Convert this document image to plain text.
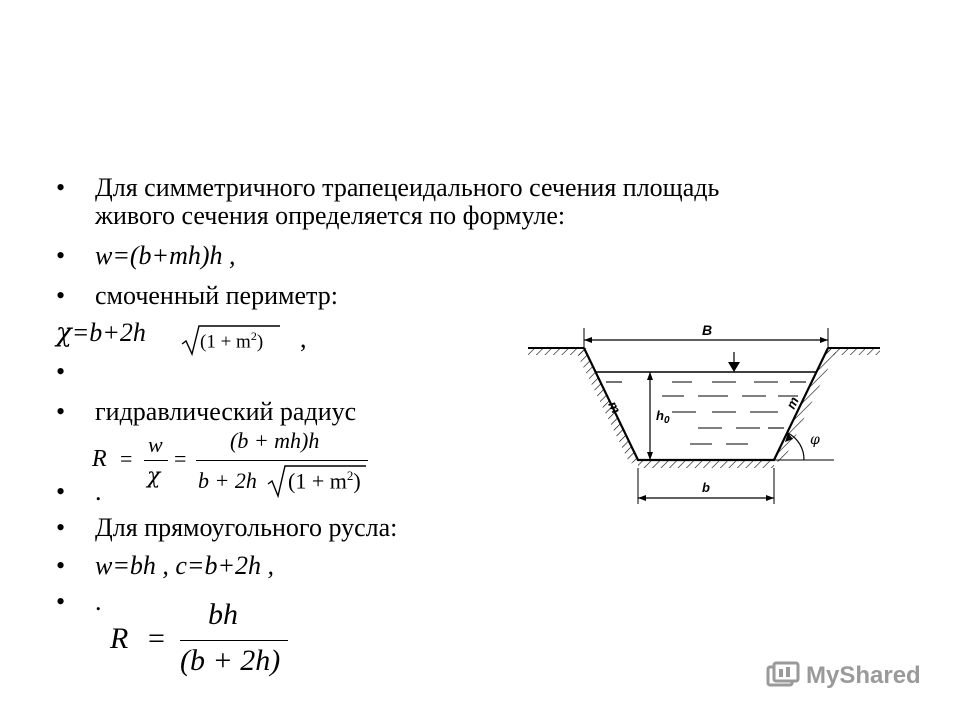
• Для симметричного трапецеидального сечения площадь
живого сечения определяется по формуле:
• w=(b+mh)h ,
• смоченный периметр:
χ=b+2h	$(1 + m^2)$ ,
•
• гидравлический радиус
R =
w
χ
=
(b + mh)h
b + 2h $(1 + m^2)$
• .
• Для прямоугольного русла:
• w=bh , c=b+2h ,
• .
R =
bh
(b + 2h)
B
$h_0$
m	m
φ
b
MyShared
